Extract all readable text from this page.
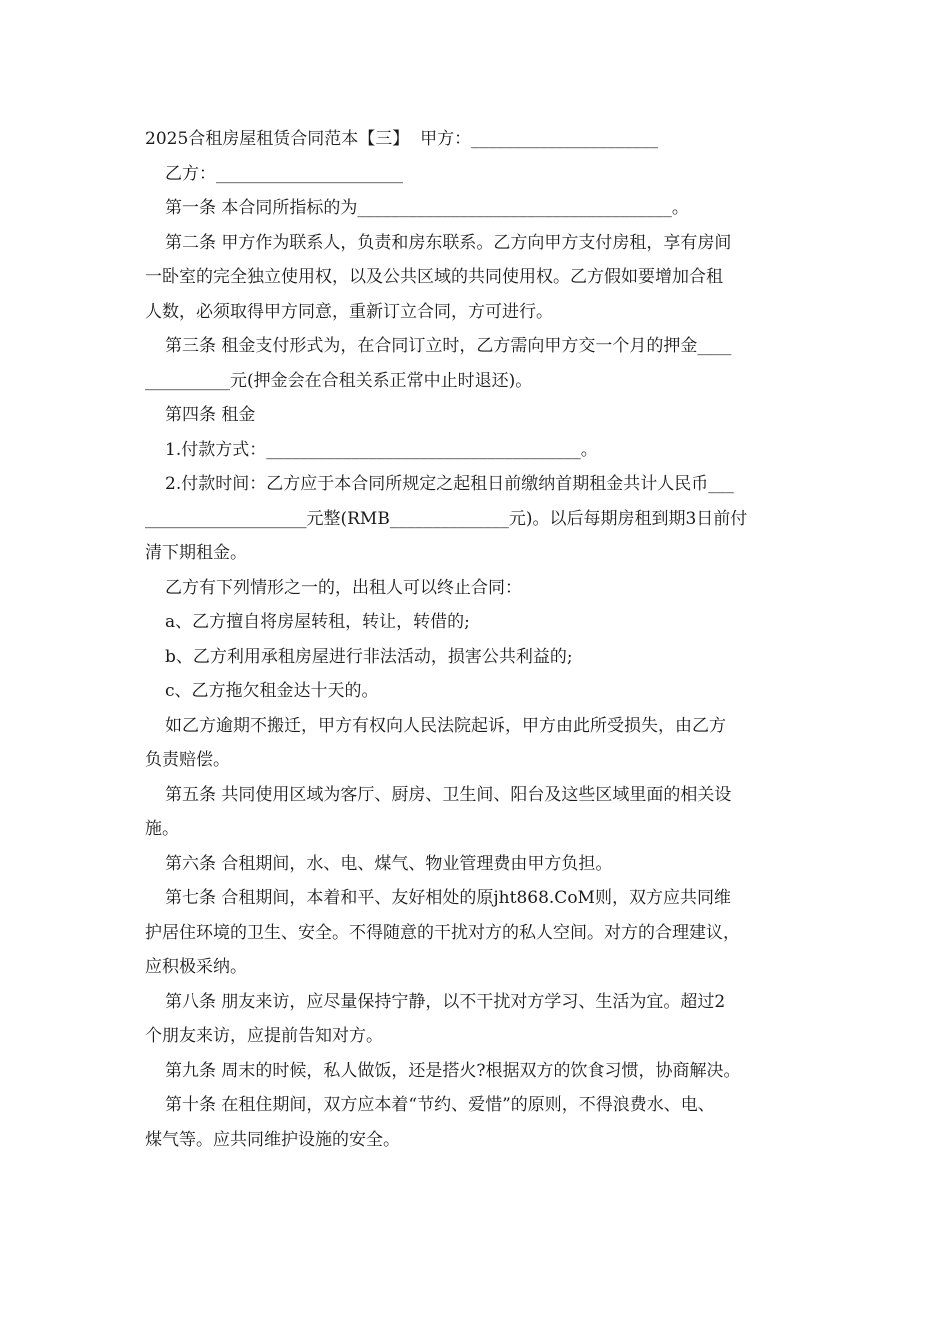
2025合租房屋租赁合同范本【三】  甲方：______________________

乙方：______________________

第一条 本合同所指标的为_____________________________________。

第二条 甲方作为联系人，负责和房东联系。乙方向甲方支付房租，享有房间

一卧室的完全独立使用权，以及公共区域的共同使用权。乙方假如要增加合租

人数，必须取得甲方同意，重新订立合同，方可进行。

第三条 租金支付形式为，在合同订立时，乙方需向甲方交一个月的押金____

__________元(押金会在合租关系正常中止时退还)。

第四条 租金

1.付款方式：_____________________________________。

2.付款时间：乙方应于本合同所规定之起租日前缴纳首期租金共计人民币___

___________________元整(RMB______________元)。以后每期房租到期3日前付

清下期租金。

乙方有下列情形之一的，出租人可以终止合同：

a、乙方擅自将房屋转租，转让，转借的;

b、乙方利用承租房屋进行非法活动，损害公共利益的;

c、乙方拖欠租金达十天的。

如乙方逾期不搬迁，甲方有权向人民法院起诉，甲方由此所受损失，由乙方

负责赔偿。

第五条 共同使用区域为客厅、厨房、卫生间、阳台及这些区域里面的相关设

施。

第六条 合租期间，水、电、煤气、物业管理费由甲方负担。

第七条 合租期间，本着和平、友好相处的原jht868.CoM则，双方应共同维

护居住环境的卫生、安全。不得随意的干扰对方的私人空间。对方的合理建议，

应积极采纳。

第八条 朋友来访，应尽量保持宁静，以不干扰对方学习、生活为宜。超过2

个朋友来访，应提前告知对方。

第九条 周末的时候，私人做饭，还是搭火?根据双方的饮食习惯，协商解决。

第十条 在租住期间，双方应本着“节约、爱惜”的原则，不得浪费水、电、

煤气等。应共同维护设施的安全。
